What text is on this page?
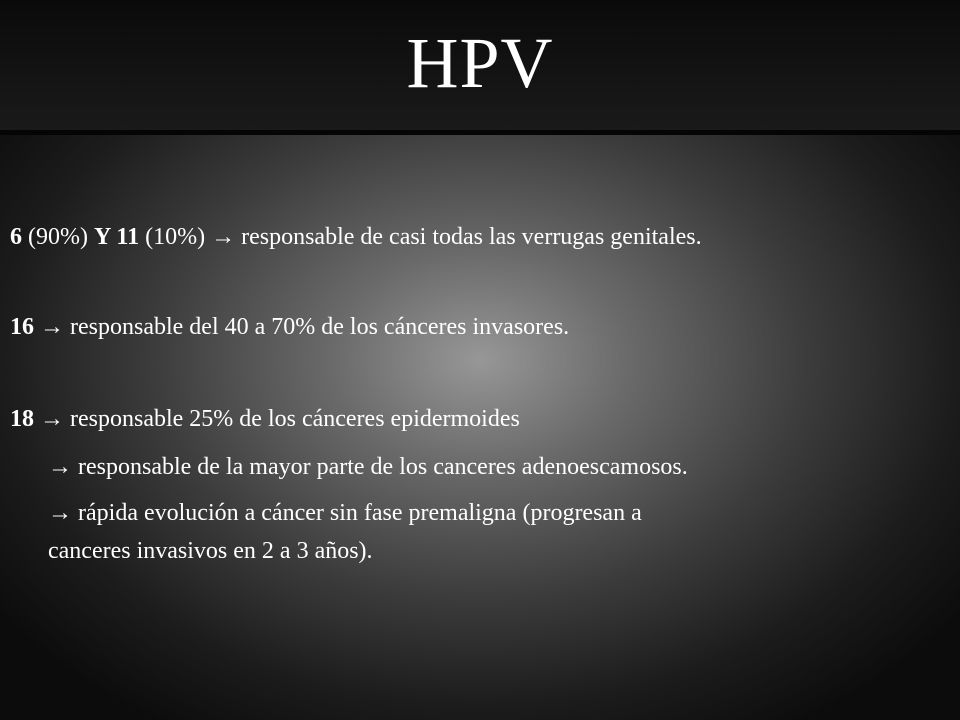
HPV
6 (90%) Y 11 (10%) → responsable de casi todas las verrugas genitales.
16 → responsable del 40 a 70% de los cánceres invasores.
18 → responsable 25% de los cánceres epidermoides
→ responsable de la mayor parte de los canceres adenoescamosos.
→ rápida evolución a cáncer sin fase premaligna (progresan a
canceres invasivos en 2 a 3 años).
